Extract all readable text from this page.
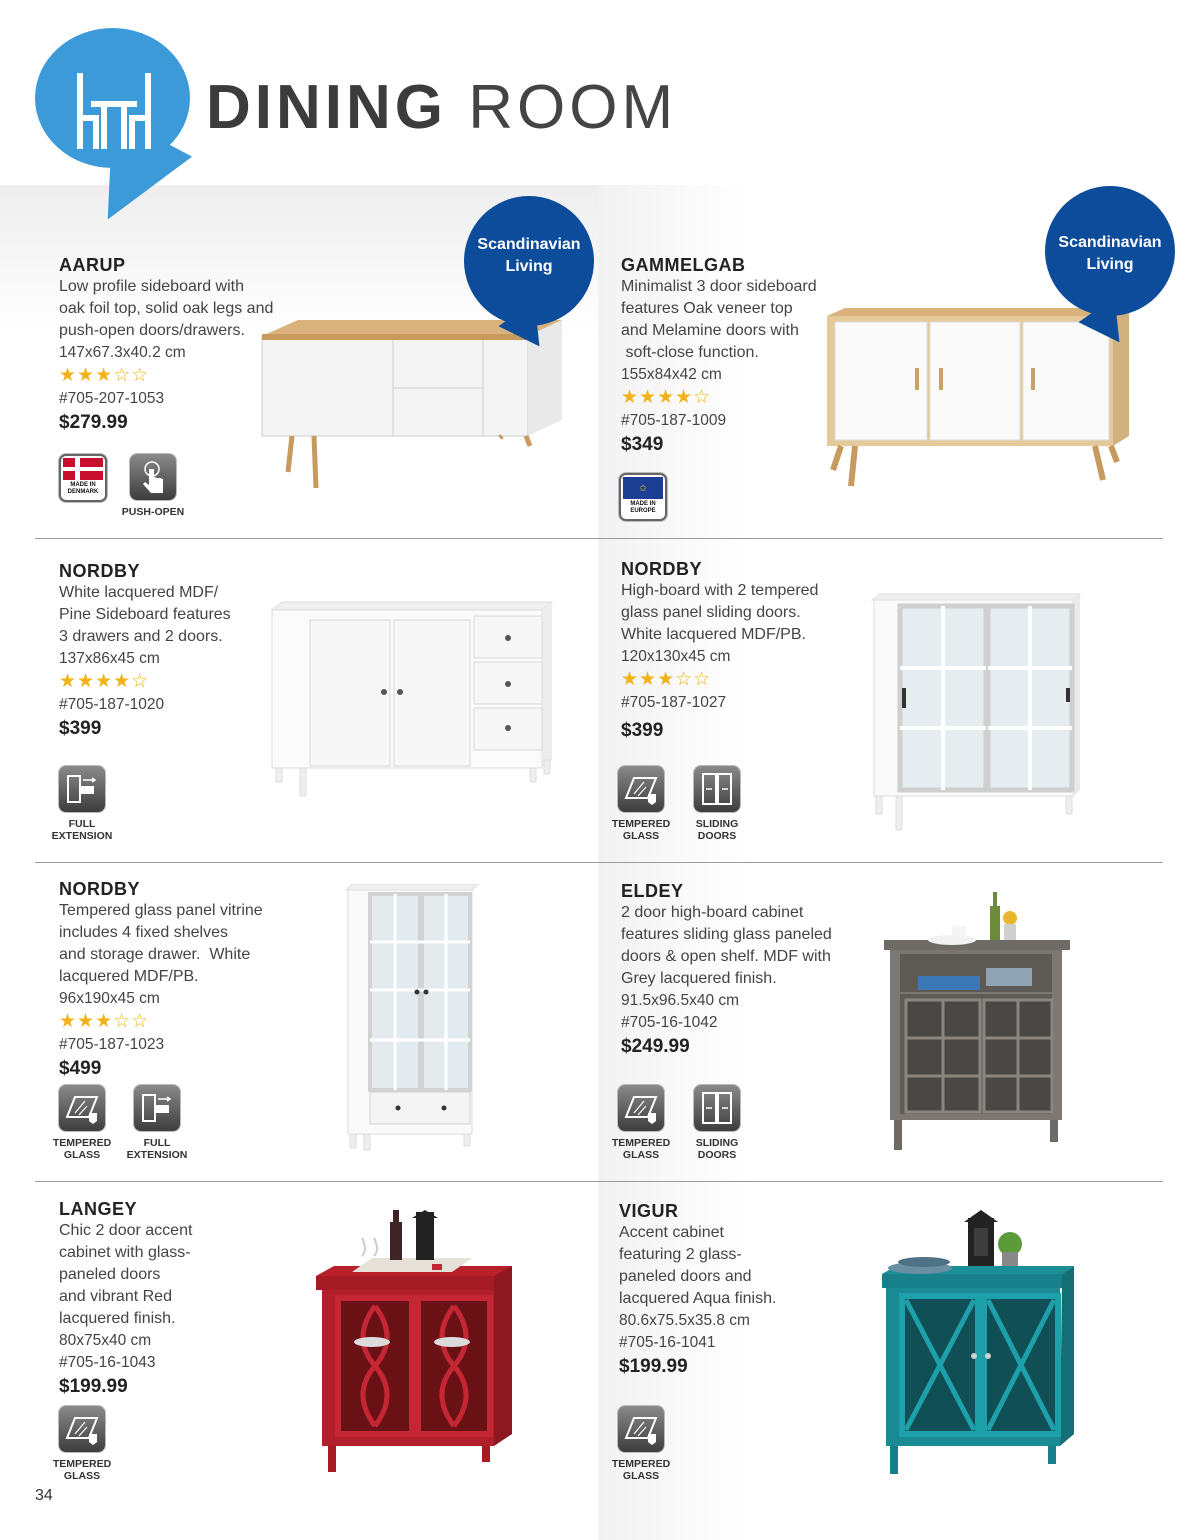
DINING ROOM
AARUP
Low profile sideboard with
oak foil top, solid oak legs and
push-open doors/drawers.
147x67.3x40.2 cm
★★★☆☆
#705-207-1053
$279.99
MADE IN
DENMARK
PUSH-OPEN
Scandinavian
Living	GAMMELGAB
Minimalist 3 door sideboard
features Oak veneer top
and Melamine doors with
soft-close function.
155x84x42 cm
★★★★☆
#705-187-1009
$349
✩
MADE IN
EUROPE
Scandinavian
Living
NORDBY
White lacquered MDF/
Pine Sideboard features
3 drawers and 2 doors.
137x86x45 cm
★★★★☆
#705-187-1020
$399
FULL
EXTENSION
NORDBY
High-board with 2 tempered
glass panel sliding doors.
White lacquered MDF/PB.
120x130x45 cm
★★★☆☆
#705-187-1027
$399
TEMPERED
GLASS
SLIDING
DOORS
NORDBY
Tempered glass panel vitrine
includes 4 fixed shelves
and storage drawer.  White
lacquered MDF/PB.
96x190x45 cm
★★★☆☆
#705-187-1023
$499
TEMPERED
GLASS
FULL
EXTENSION
ELDEY
2 door high-board cabinet
features sliding glass paneled
doors & open shelf. MDF with
Grey lacquered finish.
91.5x96.5x40 cm
#705-16-1042
$249.99
TEMPERED
GLASS
SLIDING
DOORS
LANGEY
Chic 2 door accent
cabinet with glass-
paneled doors
and vibrant Red
lacquered finish.
80x75x40 cm
#705-16-1043
$199.99
TEMPERED
GLASS
VIGUR
Accent cabinet
featuring 2 glass-
paneled doors and
lacquered Aqua finish.
80.6x75.5x35.8 cm
#705-16-1041
$199.99
TEMPERED
GLASS
34
